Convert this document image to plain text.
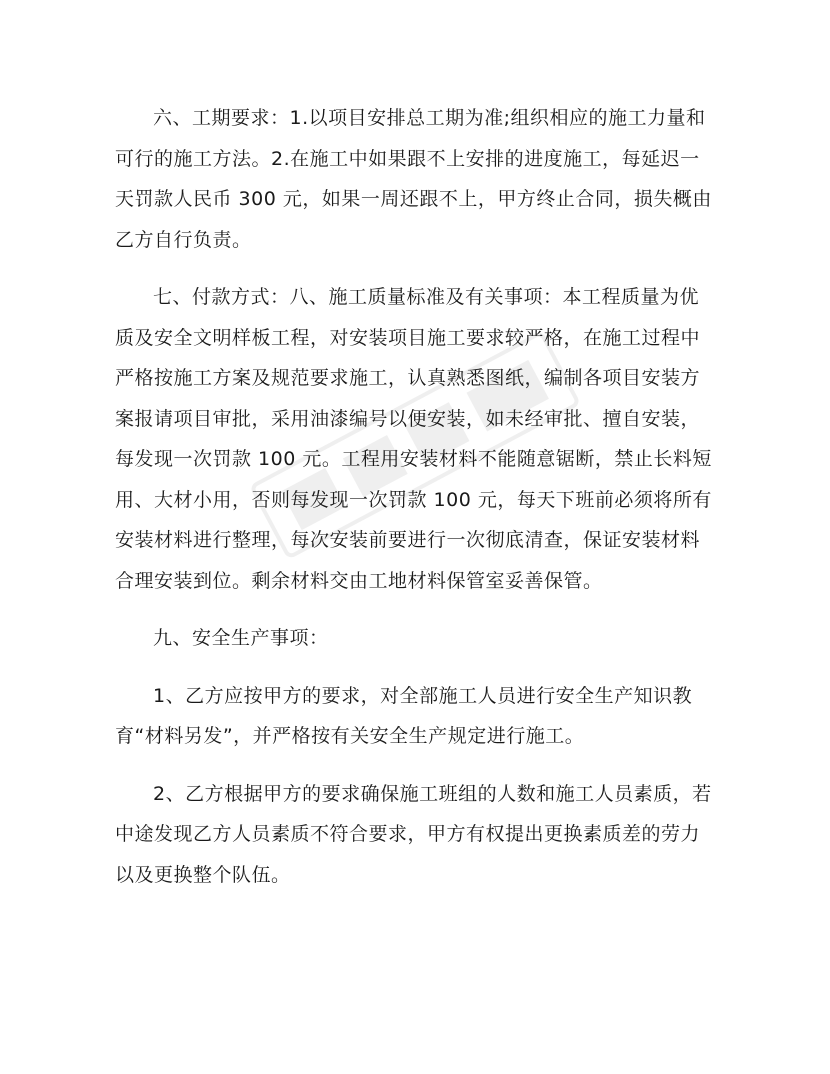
六、工期要求：1.以项目安排总工期为准;组织相应的施工力量和可行的施工方法。2.在施工中如果跟不上安排的进度施工，每延迟一天罚款人民币 300 元，如果一周还跟不上，甲方终止合同，损失概由乙方自行负责。

七、付款方式：八、施工质量标准及有关事项：本工程质量为优质及安全文明样板工程，对安装项目施工要求较严格，在施工过程中严格按施工方案及规范要求施工，认真熟悉图纸，编制各项目安装方案报请项目审批，采用油漆编号以便安装，如未经审批、擅自安装，每发现一次罚款 100 元。工程用安装材料不能随意锯断，禁止长料短用、大材小用，否则每发现一次罚款 100 元，每天下班前必须将所有安装材料进行整理，每次安装前要进行一次彻底清查，保证安装材料合理安装到位。剩余材料交由工地材料保管室妥善保管。

九、安全生产事项：

1、乙方应按甲方的要求，对全部施工人员进行安全生产知识教育“材料另发”，并严格按有关安全生产规定进行施工。

2、乙方根据甲方的要求确保施工班组的人数和施工人员素质，若中途发现乙方人员素质不符合要求，甲方有权提出更换素质差的劳力以及更换整个队伍。
